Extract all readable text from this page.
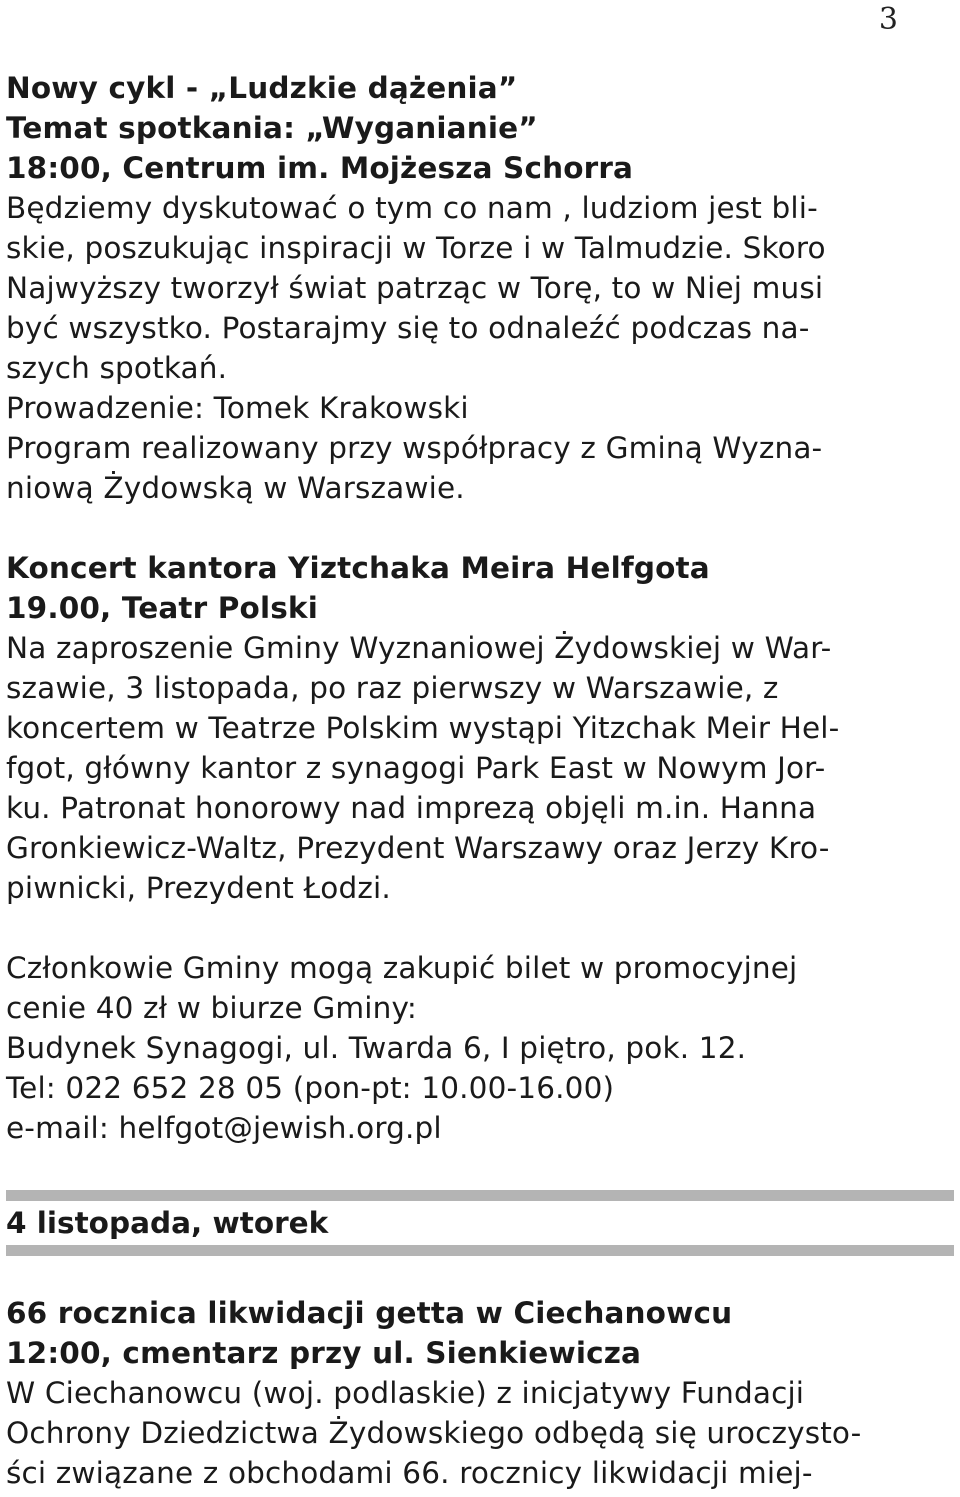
3
Nowy cykl - „Ludzkie dążenia”
Temat spotkania: „Wyganianie”
18:00, Centrum im. Mojżesza Schorra
Będziemy dyskutować o tym co nam , ludziom jest bli-
skie, poszukując inspiracji w Torze i w Talmudzie. Skoro
Najwyższy tworzył świat patrząc w Torę, to w Niej musi
być wszystko. Postarajmy się to odnaleźć podczas na-
szych spotkań.
Prowadzenie: Tomek Krakowski
Program realizowany przy współpracy z Gminą Wyzna-
niową Żydowską w Warszawie.
Koncert kantora Yiztchaka Meira Helfgota
19.00, Teatr Polski
Na zaproszenie Gminy Wyznaniowej Żydowskiej w War-
szawie, 3 listopada, po raz pierwszy w Warszawie, z
koncertem w Teatrze Polskim wystąpi Yitzchak Meir Hel-
fgot, główny kantor z synagogi Park East w Nowym Jor-
ku. Patronat honorowy nad imprezą objęli m.in. Hanna
Gronkiewicz-Waltz, Prezydent Warszawy oraz Jerzy Kro-
piwnicki, Prezydent Łodzi.
Członkowie Gminy mogą zakupić bilet w promocyjnej
cenie 40 zł w biurze Gminy:
Budynek Synagogi, ul. Twarda 6, I piętro, pok. 12.
Tel: 022 652 28 05 (pon-pt: 10.00-16.00)
e-mail: helfgot@jewish.org.pl
4 listopada, wtorek
66 rocznica likwidacji getta w Ciechanowcu
12:00, cmentarz przy ul. Sienkiewicza
W Ciechanowcu (woj. podlaskie) z inicjatywy Fundacji
Ochrony Dziedzictwa Żydowskiego odbędą się uroczysto-
ści związane z obchodami 66. rocznicy likwidacji miej-
